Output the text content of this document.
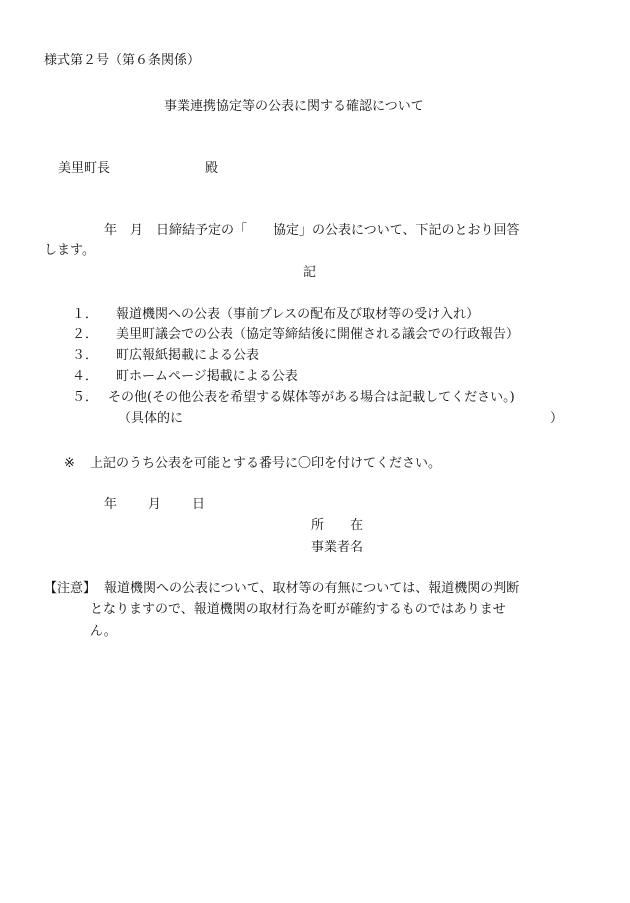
様式第２号（第６条関係）
事業連携協定等の公表に関する確認について
美里町長	殿
年　月　日締結予定の「　　協定」の公表について、下記のとおり回答
します。
記
１． 報道機関への公表（事前プレスの配布及び取材等の受け入れ）
２． 美里町議会での公表（協定等締結後に開催される議会での行政報告）
３． 町広報紙掲載による公表
４． 町ホームページ掲載による公表
５． その他(その他公表を希望する媒体等がある場合は記載してください。)
（具体的に	）
※ 上記のうち公表を可能とする番号に〇印を付けてください。
年 月 日
所　　在
事業者名
【注意】 報道機関への公表について、取材等の有無については、報道機関の判断
となりますので、報道機関の取材行為を町が確約するものではありませ
ん。
